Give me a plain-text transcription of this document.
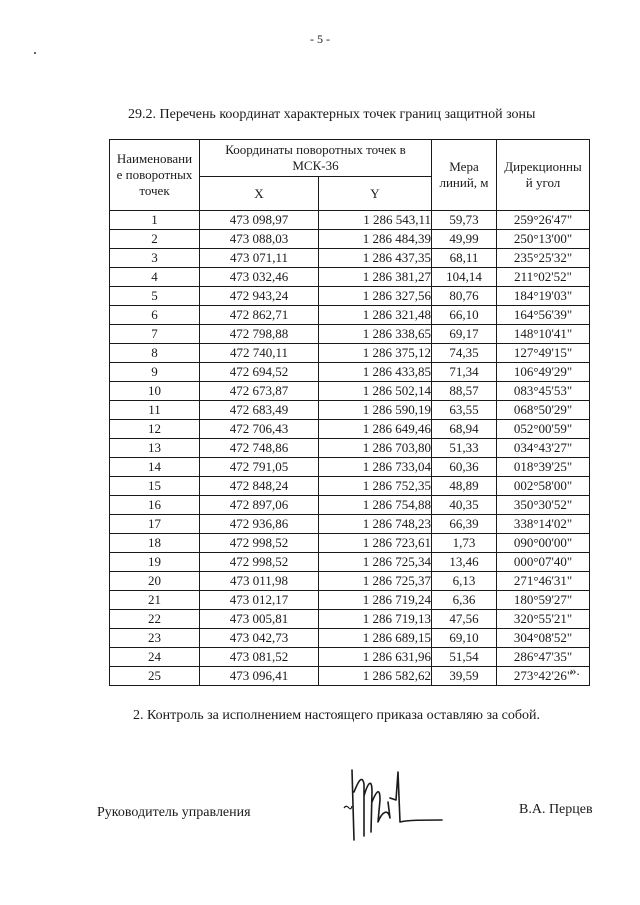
- 5 -
29.2. Перечень координат характерных точек границ защитной зоны
Наименование поворотных точек	Координаты поворотных точек в МСК-36		Мера линий, м	Дирекционный угол

	X	Y		
1	473 098,97	1 286 543,11	59,73	259°26'47"
2	473 088,03	1 286 484,39	49,99	250°13'00"
3	473 071,11	1 286 437,35	68,11	235°25'32"
4	473 032,46	1 286 381,27	104,14	211°02'52"
5	472 943,24	1 286 327,56	80,76	184°19'03"
6	472 862,71	1 286 321,48	66,10	164°56'39"
7	472 798,88	1 286 338,65	69,17	148°10'41"
8	472 740,11	1 286 375,12	74,35	127°49'15"
9	472 694,52	1 286 433,85	71,34	106°49'29"
10	472 673,87	1 286 502,14	88,57	083°45'53"
11	472 683,49	1 286 590,19	63,55	068°50'29"
12	472 706,43	1 286 649,46	68,94	052°00'59"
13	472 748,86	1 286 703,80	51,33	034°43'27"
14	472 791,05	1 286 733,04	60,36	018°39'25"
15	472 848,24	1 286 752,35	48,89	002°58'00"
16	472 897,06	1 286 754,88	40,35	350°30'52"
17	472 936,86	1 286 748,23	66,39	338°14'02"
18	472 998,52	1 286 723,61	1,73	090°00'00"
19	472 998,52	1 286 725,34	13,46	000°07'40"
20	473 011,98	1 286 725,37	6,13	271°46'31"
21	473 012,17	1 286 719,24	6,36	180°59'27"
22	473 005,81	1 286 719,13	47,56	320°55'21"
23	473 042,73	1 286 689,15	69,10	304°08'52"
24	473 081,52	1 286 631,96	51,54	286°47'35"
25	473 096,41	1 286 582,62	39,59	273°42'26"
».
2. Контроль за исполнением настоящего приказа оставляю за собой.
Руководитель управления	В.А. Перцев
